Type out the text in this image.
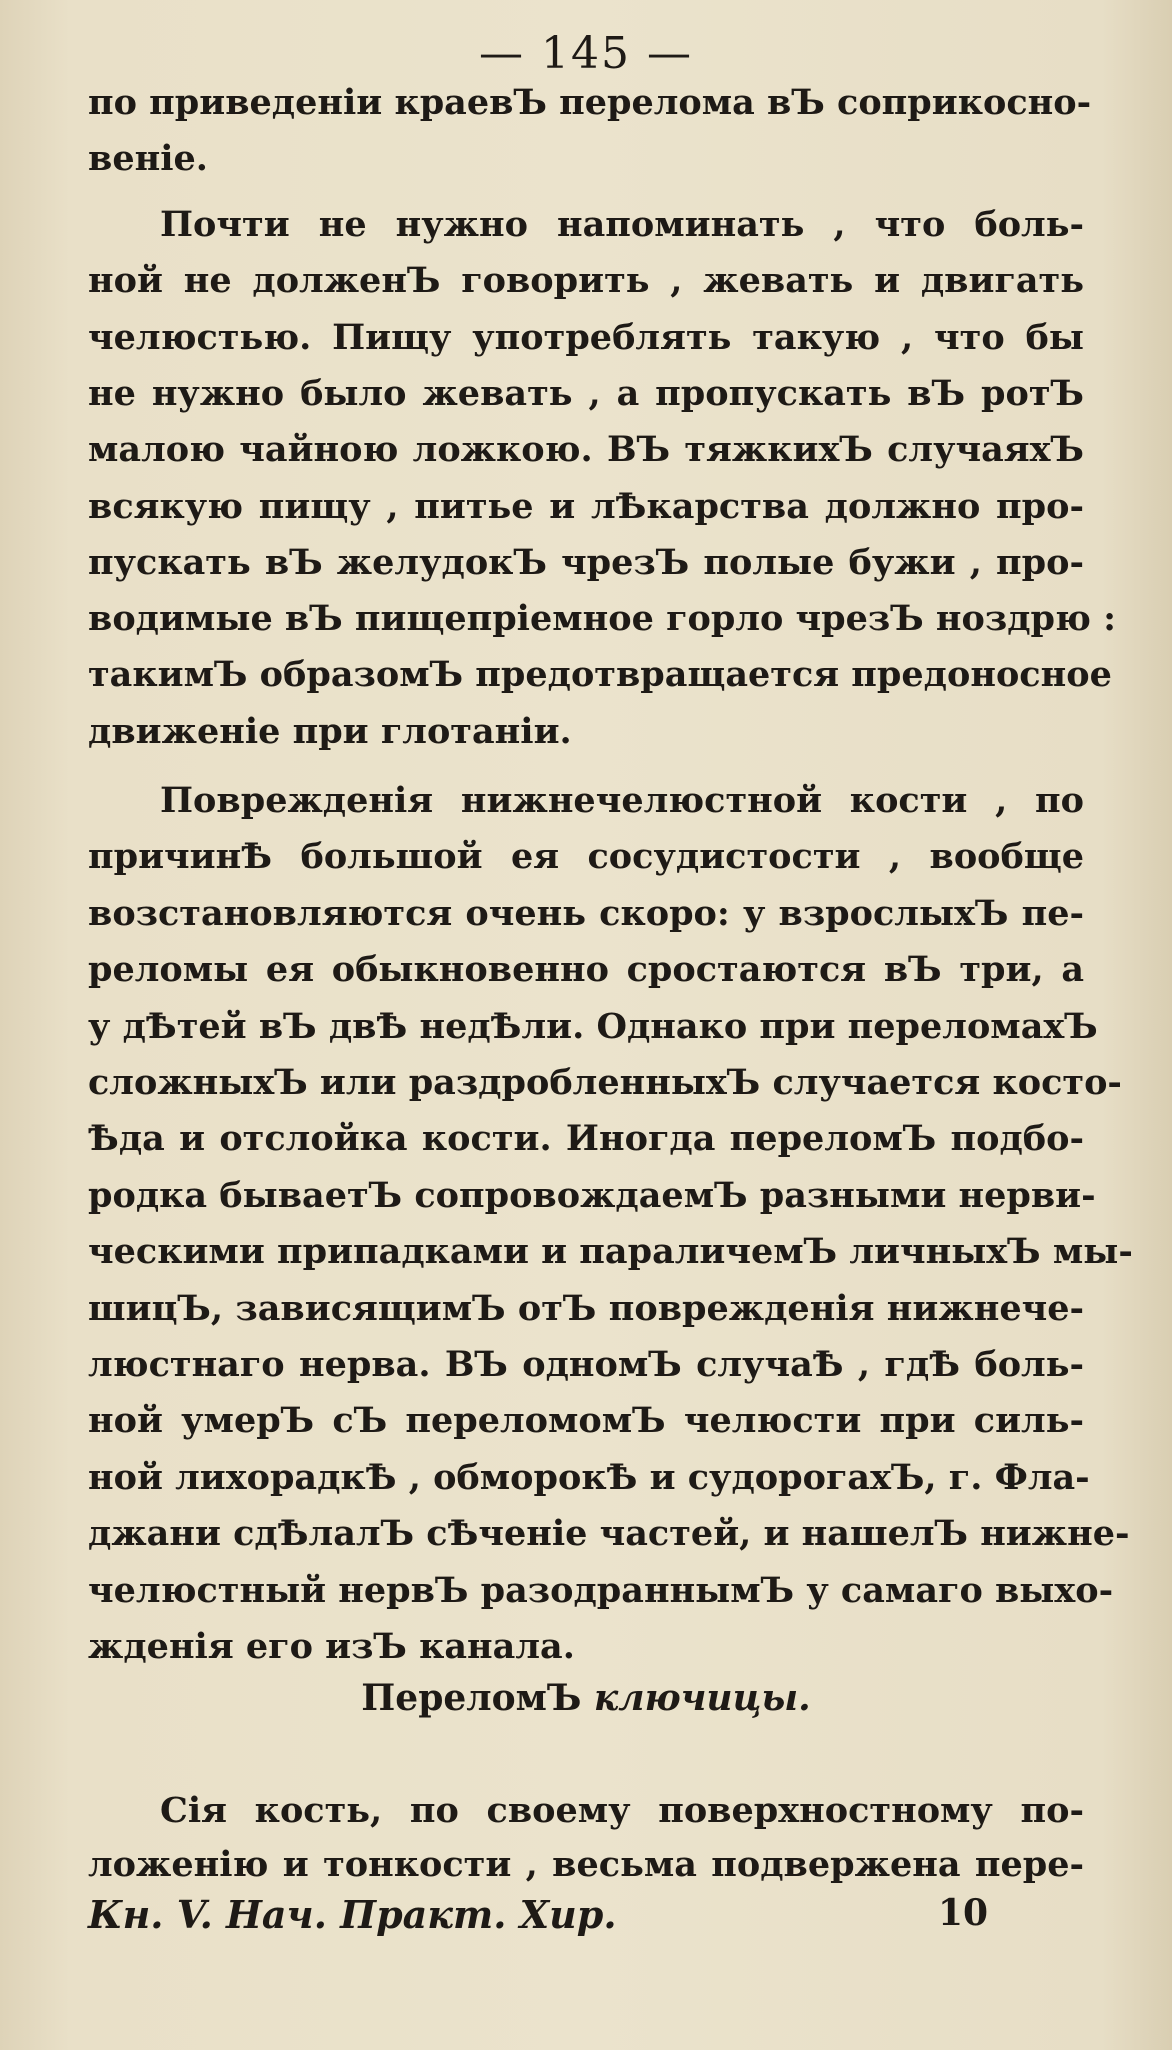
— 145 —
по приведеніи краевЪ перелома вЪ соприкосно-
веніе.
Почти не нужно напоминать , что боль-
ной не долженЪ говорить , жевать и двигать
челюстью. Пищу употреблять такую , что бы
не нужно было жевать , а пропускать вЪ ротЪ
малою чайною ложкою. ВЪ тяжкихЪ случаяхЪ
всякую пищу , питье и лѢкарства должно про-
пускать вЪ желудокЪ чрезЪ полые бужи , про-
водимые вЪ пищепріемное горло чрезЪ ноздрю :
такимЪ образомЪ предотвращается предоносное
движеніе при глотаніи.
Поврежденія нижнечелюстной кости , по
причинѢ большой ея сосудистости , вообще
возстановляются очень скоро: у взрослыхЪ пе-
реломы ея обыкновенно сростаются вЪ три, а
у дѢтей вЪ двѢ недѢли. Однако при переломахЪ
сложныхЪ или раздробленныхЪ случается косто-
Ѣда и отслойка кости. Иногда переломЪ подбо-
родка бываетЪ сопровождаемЪ разными нерви-
ческими припадками и параличемЪ личныхЪ мы-
шицЪ, зависящимЪ отЪ поврежденія нижнече-
люстнаго нерва. ВЪ одномЪ случаѢ , гдѢ боль-
ной умерЪ сЪ переломомЪ челюсти при силь-
ной лихорадкѢ , обморокѢ и судорогахЪ, г. Фла-
джани сдѢлалЪ сѢченіе частей, и нашелЪ нижне-
челюстный нервЪ разодраннымЪ у самаго выхо-
жденія его изЪ канала.
ПереломЪ ключицы.
Сія кость, по своему поверхностному по-
ложенію и тонкости , весьма подвержена пере-
Кн. V. Нач. Практ. Хир.	10
